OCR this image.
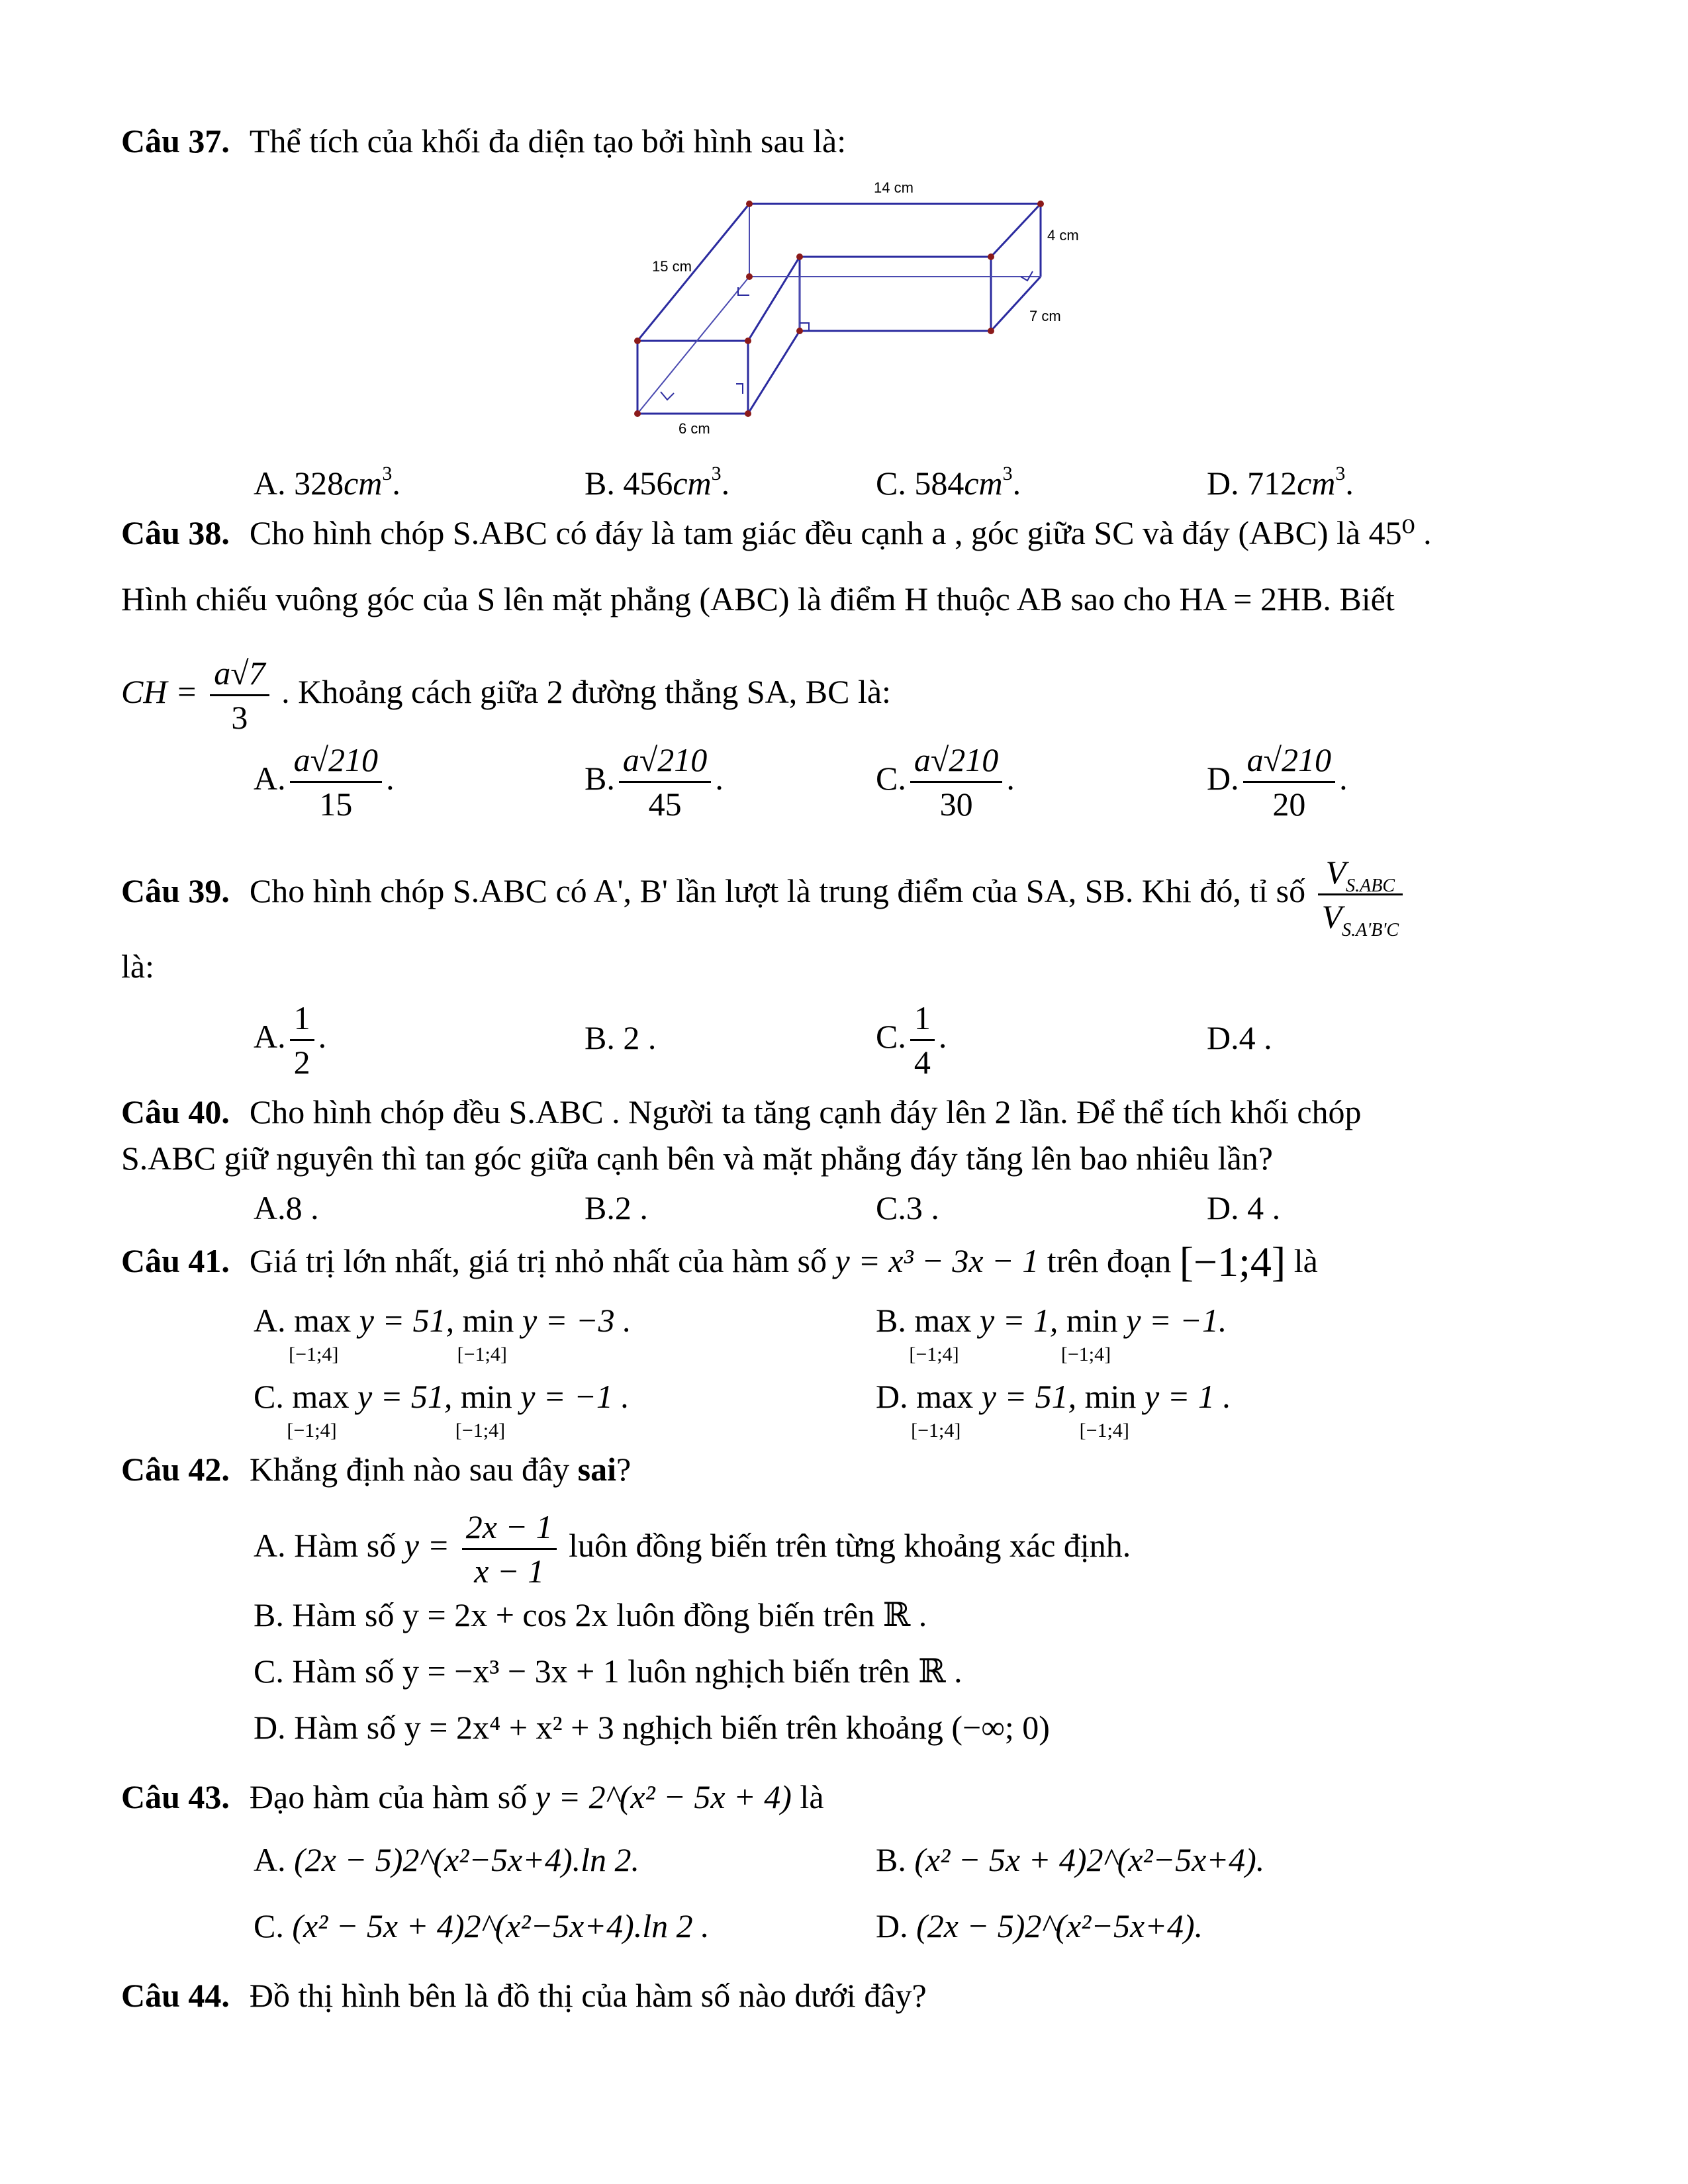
Câu 37. Thể tích của khối đa diện tạo bởi hình sau là:
14 cm
4 cm
15 cm
7 cm
6 cm
A. $328cm^3$.	B. $456cm^3$.	C. $584cm^3$.	D. $712cm^3$.
Câu 38. Cho hình chóp S.ABC có đáy là tam giác đều cạnh a , góc giữa SC và đáy (ABC) là 45⁰ .
Hình chiếu vuông góc của S lên mặt phẳng (ABC) là điểm H thuộc AB sao cho HA = 2HB. Biết
CH = $\frac{a√7}{3}$ . Khoảng cách giữa 2 đường thẳng SA, BC là:
A. $\frac{a√210}{15}$ .	B. $\frac{a√210}{45}$ .	C. $\frac{a√210}{30}$ .	D. $\frac{a√210}{20}$ .
Câu 39. Cho hình chóp S.ABC có A', B' lần lượt là trung điểm của SA, SB. Khi đó, tỉ số $\frac{V_{S.ABC}}{V_{S.A'B'C}}$
là:
A. $\frac{1}{2}$ .	B. 2 .	C. $\frac{1}{4}$ .	D.4 .
Câu 40. Cho hình chóp đều S.ABC . Người ta tăng cạnh đáy lên 2 lần. Để thể tích khối chóp
S.ABC giữ nguyên thì tan góc giữa cạnh bên và mặt phẳng đáy tăng lên bao nhiêu lần?
A.8 .	B.2 .	C.3 .	D. 4 .
Câu 41. Giá trị lớn nhất, giá trị nhỏ nhất của hàm số y = x³ − 3x − 1 trên đoạn [−1;4] là
A. max
[−1;4]
y = 51, min
[−1;4]
y = −3 .	B. max
[−1;4]
y = 1, min
[−1;4]
y = −1.
C. max
[−1;4]
y = 51, min
[−1;4]
y = −1 .	D. max
[−1;4]
y = 51, min
[−1;4]
y = 1 .
Câu 42. Khẳng định nào sau đây sai?
A. Hàm số $y = \frac{2x - 1}{x - 1}$ luôn đồng biến trên từng khoảng xác định.
B. Hàm số y = 2x + cos 2x luôn đồng biến trên ℝ .
C. Hàm số y = −x³ − 3x + 1 luôn nghịch biến trên ℝ .
D. Hàm số y = 2x⁴ + x² + 3 nghịch biến trên khoảng (−∞; 0)
Câu 43. Đạo hàm của hàm số y = 2^(x² − 5x + 4) là
A. (2x − 5)2^(x²−5x+4).ln 2.	B. (x² − 5x + 4)2^(x²−5x+4).
C. (x² − 5x + 4)2^(x²−5x+4).ln 2 .	D. (2x − 5)2^(x²−5x+4).
Câu 44. Đồ thị hình bên là đồ thị của hàm số nào dưới đây?
